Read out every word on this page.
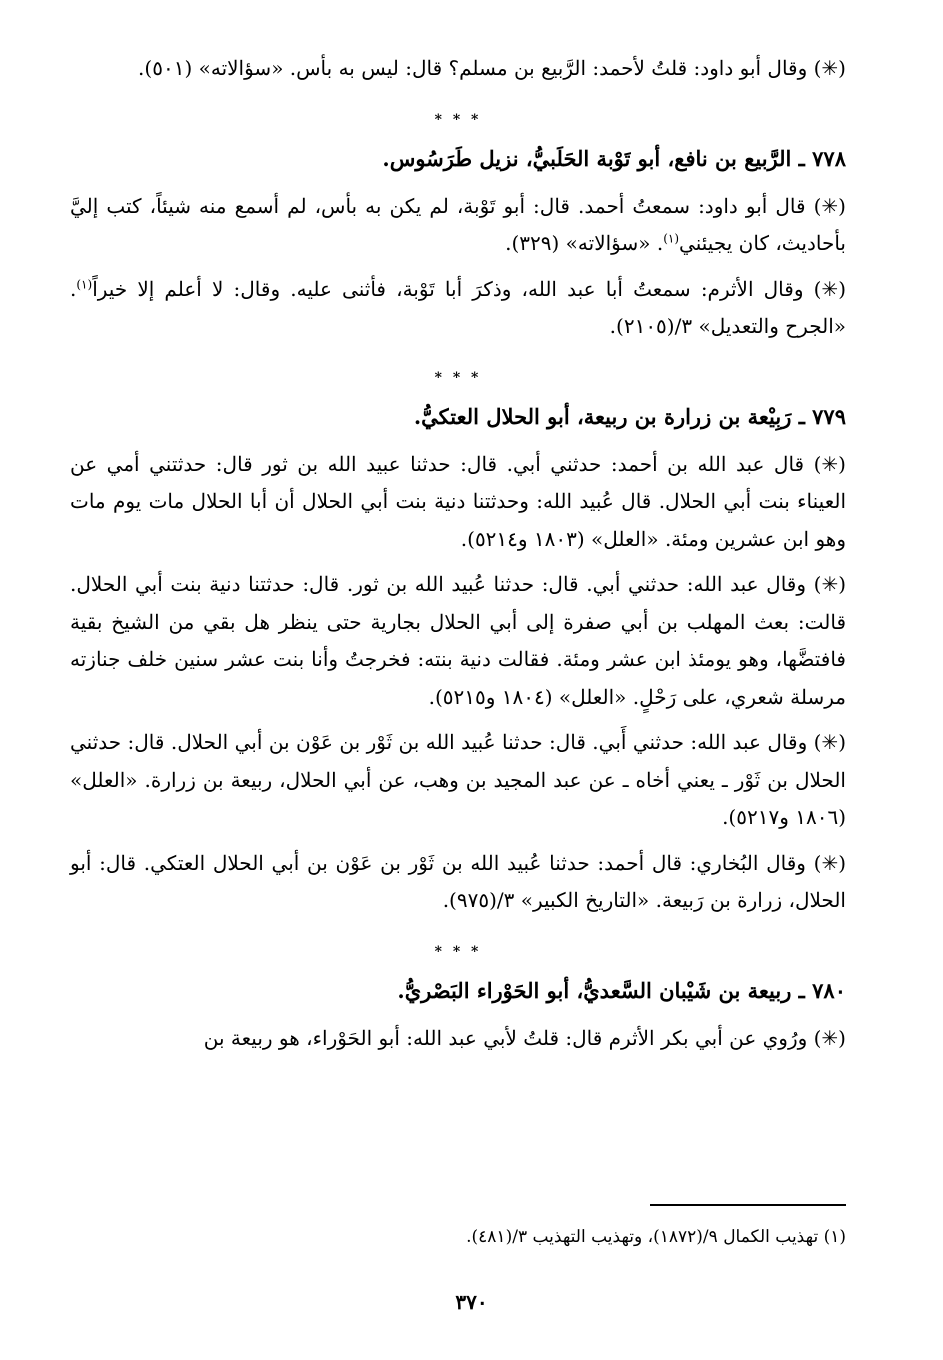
(✳) وقال أبو داود: قلتُ لأحمد: الرَّبيع بن مسلم؟ قال: ليس به بأس. «سؤالاته» (٥٠١).

* * *
٧٧٨ ـ الرَّبيع بن نافع، أبو تَوْبة الحَلَبيُّ، نزيل طَرَسُوس.

(✳) قال أبو داود: سمعتُ أحمد. قال: أبو تَوْبة، لم يكن به بأس، لم أسمع منه شيئاً، كتب إليَّ بأحاديث، كان يجيئني$^{(١)}$. «سؤالاته» (٣٢٩).

(✳) وقال الأثرم: سمعتُ أبا عبد الله، وذكرَ أبا تَوْبة، فأثنى عليه. وقال: لا أعلم إلا خيراً$^{(١)}$. «الجرح والتعديل» ٣/(٢١٠٥).

* * *
٧٧٩ ـ رَبِيْعة بن زرارة بن ربيعة، أبو الحلال العتكيُّ.

(✳) قال عبد الله بن أحمد: حدثني أبي. قال: حدثنا عبيد الله بن ثور قال: حدثتني أمي عن العيناء بنت أبي الحلال. قال عُبيد الله: وحدثتنا دنية بنت أبي الحلال أن أبا الحلال مات يوم مات وهو ابن عشرين ومئة. «العلل» (١٨٠٣ و٥٢١٤).

(✳) وقال عبد الله: حدثني أبي. قال: حدثنا عُبيد الله بن ثور. قال: حدثتنا دنية بنت أبي الحلال. قالت: بعث المهلب بن أبي صفرة إلى أبي الحلال بجارية حتى ينظر هل بقي من الشيخ بقية فافتضَّها، وهو يومئذ ابن عشر ومئة. فقالت دنية بنته: فخرجتُ وأنا بنت عشر سنين خلف جنازته مرسلة شعري، على رَحْلٍ. «العلل» (١٨٠٤ و٥٢١٥).

(✳) وقال عبد الله: حدثني أَبي. قال: حدثنا عُبيد الله بن ثَوْر بن عَوْن بن أبي الحلال. قال: حدثني الحلال بن ثَوْر ـ يعني أخاه ـ عن عبد المجيد بن وهب، عن أبي الحلال، ربيعة بن زرارة. «العلل» (١٨٠٦ و٥٢١٧).

(✳) وقال البُخاري: قال أحمد: حدثنا عُبيد الله بن ثَوْر بن عَوْن بن أبي الحلال العتكي. قال: أبو الحلال، زرارة بن رَبيعة. «التاريخ الكبير» ٣/(٩٧٥).

* * *
٧٨٠ ـ ربيعة بن شَيْبان السَّعديُّ، أبو الحَوْراء البَصْريُّ.

(✳) ورُوي عن أبي بكر الأثرم قال: قلتُ لأبي عبد الله: أبو الحَوْراء، هو ربيعة بن

(١) تهذيب الكمال ٩/(١٨٧٢)، وتهذيب التهذيب ٣/(٤٨١).
٣٧٠
